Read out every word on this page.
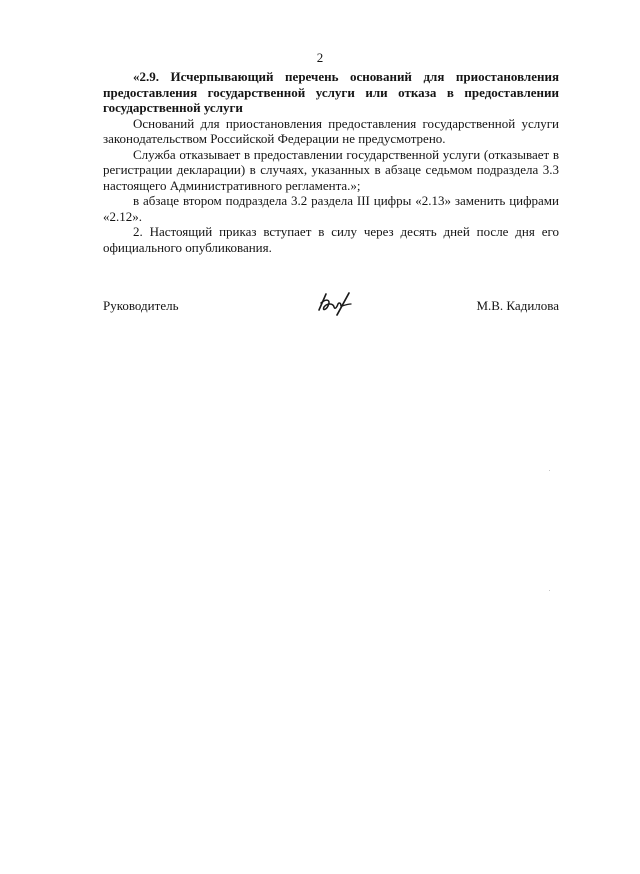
2

«2.9. Исчерпывающий перечень оснований для приостановления предоставления государственной услуги или отказа в предоставлении государственной услуги

Оснований для приостановления предоставления государственной услуги законодательством Российской Федерации не предусмотрено.

Служба отказывает в предоставлении государственной услуги (отказывает в регистрации декларации) в случаях, указанных в абзаце седьмом подраздела 3.3 настоящего Административного регламента.»;

в абзаце втором подраздела 3.2 раздела III цифры «2.13» заменить цифрами «2.12».

2. Настоящий приказ вступает в силу через десять дней после дня его официального опубликования.

Руководитель	М.В. Кадилова
